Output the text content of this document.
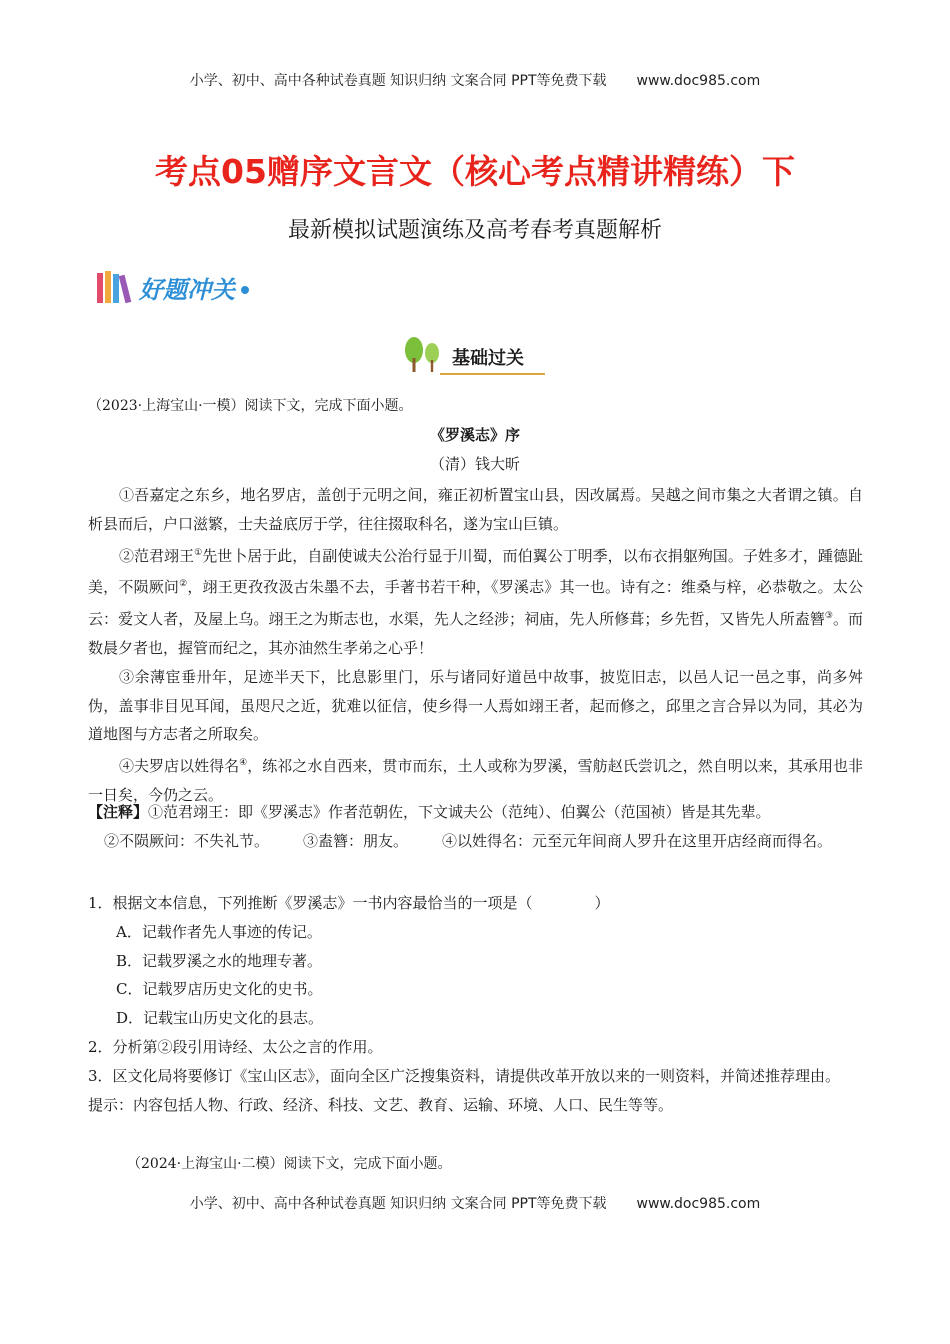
小学、初中、高中各种试卷真题 知识归纳 文案合同 PPT等免费下载 www.doc985.com
考点05赠序文言文（核心考点精讲精练）下
最新模拟试题演练及高考春考真题解析
好题冲关
基础过关
（2023·上海宝山·一模）阅读下文，完成下面小题。
《罗溪志》序
（清）钱大昕

①吾嘉定之东乡，地名罗店，盖创于元明之间，雍正初析置宝山县，因改属焉。吴越之间市集之大者谓之镇。自析县而后，户口滋繁，士夫益底厉于学，往往掇取科名，遂为宝山巨镇。

②范君翊王①先世卜居于此，自副使诚夫公治行显于川蜀，而伯翼公丁明季，以布衣捐躯殉国。子姓多才，踵德趾美，不陨厥问②，翊王更孜孜汲古朱墨不去，手著书若干种，《罗溪志》其一也。诗有之：维桑与梓，必恭敬之。太公云：爱文人者，及屋上乌。翊王之为斯志也，水渠，先人之经涉；祠庙，先人所修葺；乡先哲，又皆先人所盍簪③。而数晨夕者也，握管而纪之，其亦油然生孝弟之心乎！

③余薄宦垂卅年，足迹半天下，比息影里门，乐与诸同好道邑中故事，披览旧志，以邑人记一邑之事，尚多舛伪，盖事非目见耳闻，虽咫尺之近，犹难以征信，使乡得一人焉如翊王者，起而修之，邱里之言合异以为同，其必为道地图与方志者之所取矣。

④夫罗店以姓得名④，练祁之水自西来，贯市而东，土人或称为罗溪，雪舫赵氏尝讥之，然自明以来，其承用也非一日矣，今仍之云。

【注释】①范君翊王：即《罗溪志》作者范朝佐，下文诚夫公（范纯）、伯翼公（范国祯）皆是其先辈。

②不陨厥问：不失礼节。 ③盍簪：朋友。 ④以姓得名：元至元年间商人罗升在这里开店经商而得名。

1．根据文本信息，下列推断《罗溪志》一书内容最恰当的一项是（	）

A．记载作者先人事迹的传记。

B．记载罗溪之水的地理专著。

C．记载罗店历史文化的史书。

D．记载宝山历史文化的县志。

2．分析第②段引用诗经、太公之言的作用。

3．区文化局将要修订《宝山区志》，面向全区广泛搜集资料，请提供改革开放以来的一则资料，并简述推荐理由。

提示：内容包括人物、行政、经济、科技、文艺、教育、运输、环境、人口、民生等等。

（2024·上海宝山·二模）阅读下文，完成下面小题。
小学、初中、高中各种试卷真题 知识归纳 文案合同 PPT等免费下载 www.doc985.com
